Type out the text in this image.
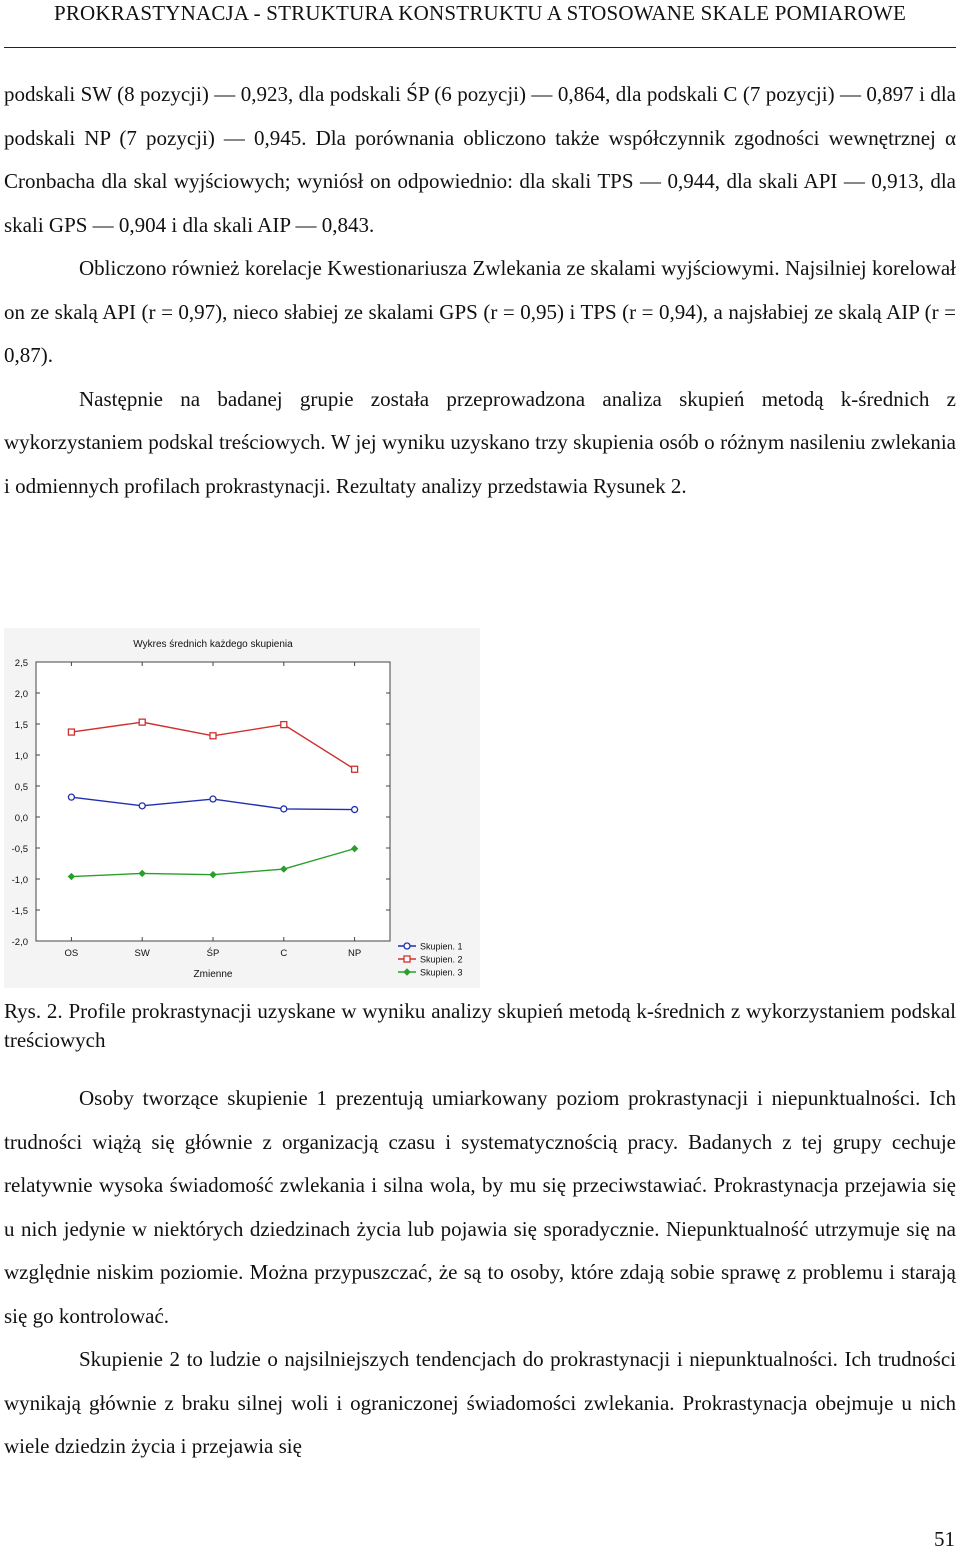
PROKRASTYNACJA - STRUKTURA KONSTRUKTU A STOSOWANE SKALE POMIAROWE

podskali SW (8 pozycji) — 0,923, dla podskali ŚP (6 pozycji) — 0,864, dla podskali C (7 pozycji) — 0,897 i dla podskali NP (7 pozycji) — 0,945. Dla porównania obliczono także współczynnik zgodności wewnętrznej α Cronbacha dla skal wyjściowych; wyniósł on odpowiednio: dla skali TPS — 0,944, dla skali API — 0,913, dla skali GPS — 0,904 i dla skali AIP — 0,843.

Obliczono również korelacje Kwestionariusza Zwlekania ze skalami wyjściowymi. Najsilniej korelował on ze skalą API (r = 0,97), nieco słabiej ze skalami GPS (r = 0,95) i TPS (r = 0,94), a najsłabiej ze skalą AIP (r = 0,87).

Następnie na badanej grupie została przeprowadzona analiza skupień metodą k-średnich z wykorzystaniem podskal treściowych. W jej wyniku uzyskano trzy skupienia osób o różnym nasileniu zwlekania i odmiennych profilach prokrastynacji. Rezultaty analizy przedstawia Rysunek 2.

Wykres średnich każdego skupienia
Zmienne
2,5
2,0
1,5
1,0
0,5
0,0
-0,5
-1,0
-1,5
-2,0
OS	SW	ŚP	C	NP
Skupien. 1
Skupien. 2
Skupien. 3
Rys. 2. Profile prokrastynacji uzyskane w wyniku analizy skupień metodą k-średnich z wykorzystaniem podskal treściowych

Osoby tworzące skupienie 1 prezentują umiarkowany poziom prokrastynacji i niepunktualności. Ich trudności wiążą się głównie z organizacją czasu i systematycznością pracy. Badanych z tej grupy cechuje relatywnie wysoka świadomość zwlekania i silna wola, by mu się przeciwstawiać. Prokrastynacja przejawia się u nich jedynie w niektórych dziedzinach życia lub pojawia się sporadycznie. Niepunktualność utrzymuje się na względnie niskim poziomie. Można przypuszczać, że są to osoby, które zdają sobie sprawę z problemu i starają się go kontrolować.

Skupienie 2 to ludzie o najsilniejszych tendencjach do prokrastynacji i niepunktualności. Ich trudności wynikają głównie z braku silnej woli i ograniczonej świadomości zwlekania. Prokrastynacja obejmuje u nich wiele dziedzin życia i przejawia się

51
